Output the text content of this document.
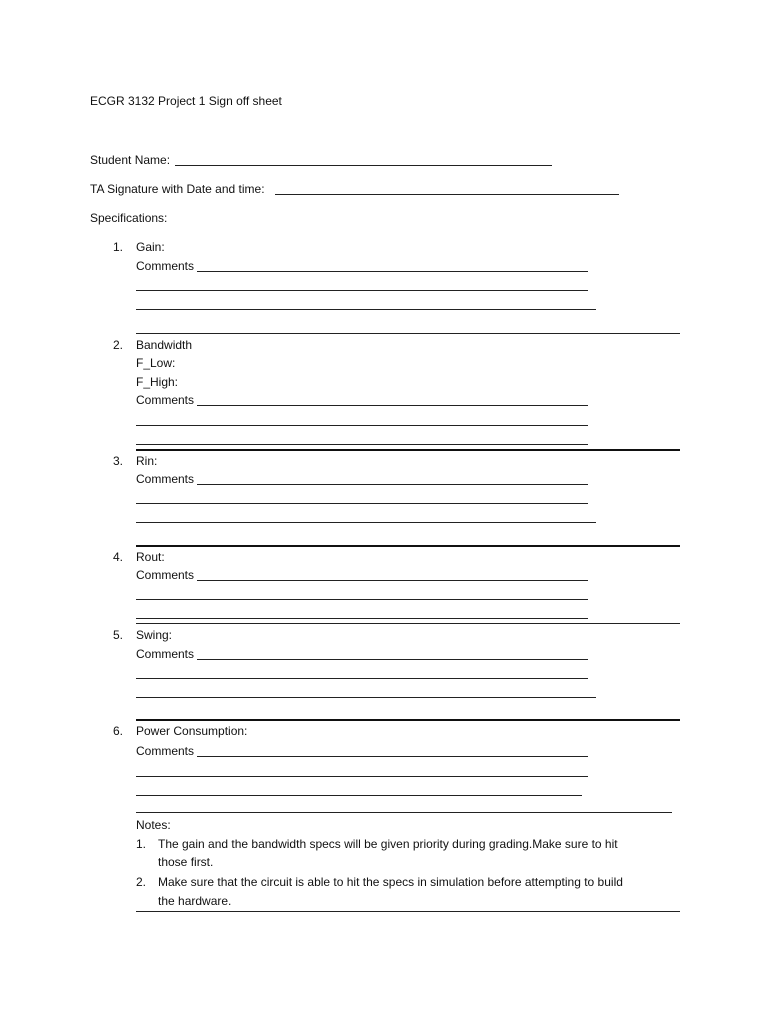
ECGR 3132 Project 1 Sign off sheet
Student Name:
TA Signature with Date and time:
Specifications:
1. Gain:
Comments
2. Bandwidth
F_Low:
F_High:
Comments
3. Rin:
Comments
4. Rout:
Comments
5. Swing:
Comments
6. Power Consumption:
Comments
Notes:
1. The gain and the bandwidth specs will be given priority during grading.Make sure to hit
those first.
2. Make sure that the circuit is able to hit the specs in simulation before attempting to build
the hardware.
